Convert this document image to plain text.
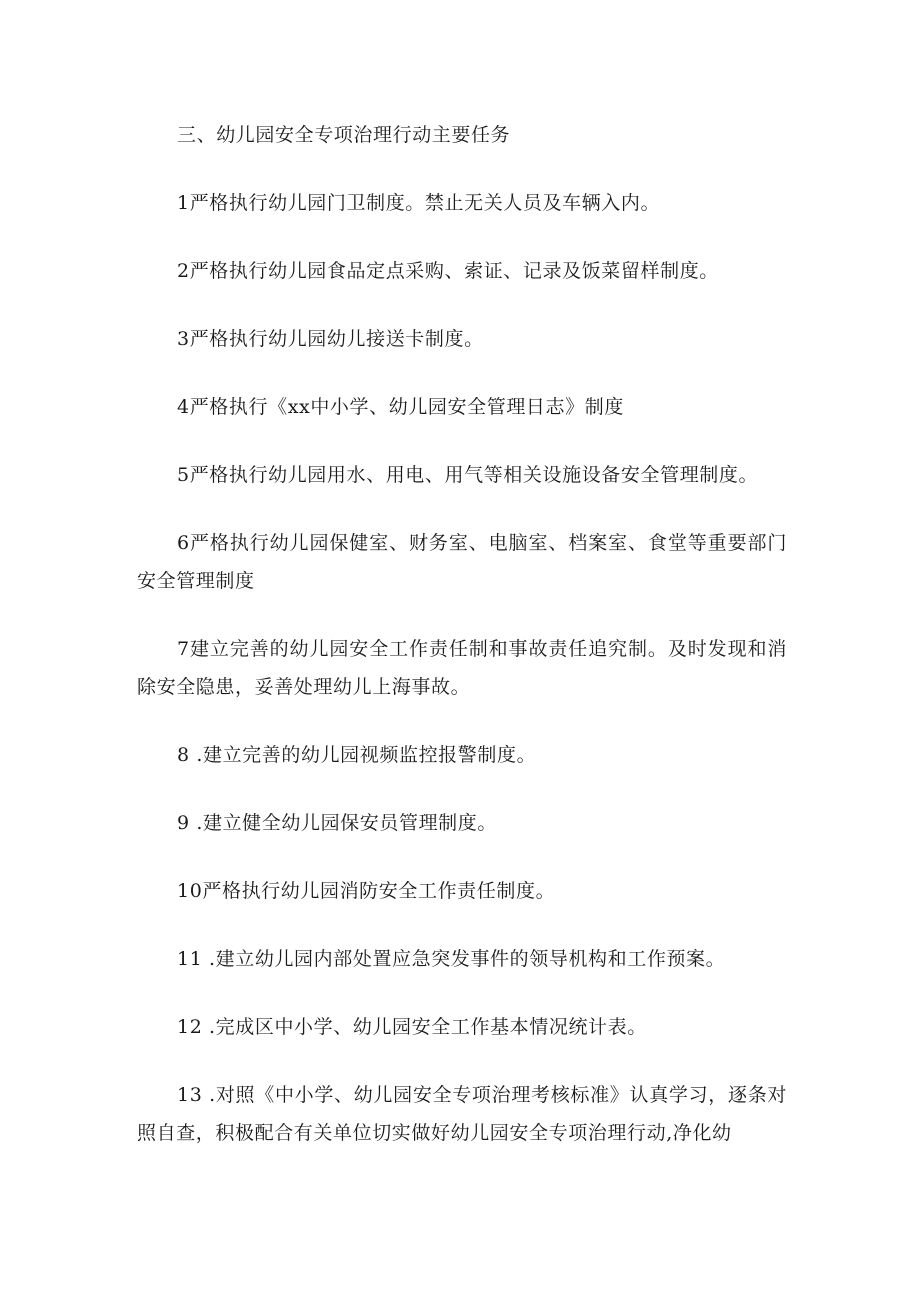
三、幼儿园安全专项治理行动主要任务

1严格执行幼儿园门卫制度。禁止无关人员及车辆入内。

2严格执行幼儿园食品定点采购、索证、记录及饭菜留样制度。

3严格执行幼儿园幼儿接送卡制度。

4严格执行《xx中小学、幼儿园安全管理日志》制度

5严格执行幼儿园用水、用电、用气等相关设施设备安全管理制度。

6严格执行幼儿园保健室、财务室、电脑室、档案室、食堂等重要部门安全管理制度

7建立完善的幼儿园安全工作责任制和事故责任追究制。及时发现和消除安全隐患，妥善处理幼儿上海事故。

8 .建立完善的幼儿园视频监控报警制度。

9 .建立健全幼儿园保安员管理制度。

10严格执行幼儿园消防安全工作责任制度。

11 .建立幼儿园内部处置应急突发事件的领导机构和工作预案。

12 .完成区中小学、幼儿园安全工作基本情况统计表。

13 .对照《中小学、幼儿园安全专项治理考核标准》认真学习，逐条对照自查，积极配合有关单位切实做好幼儿园安全专项治理行动,净化幼
